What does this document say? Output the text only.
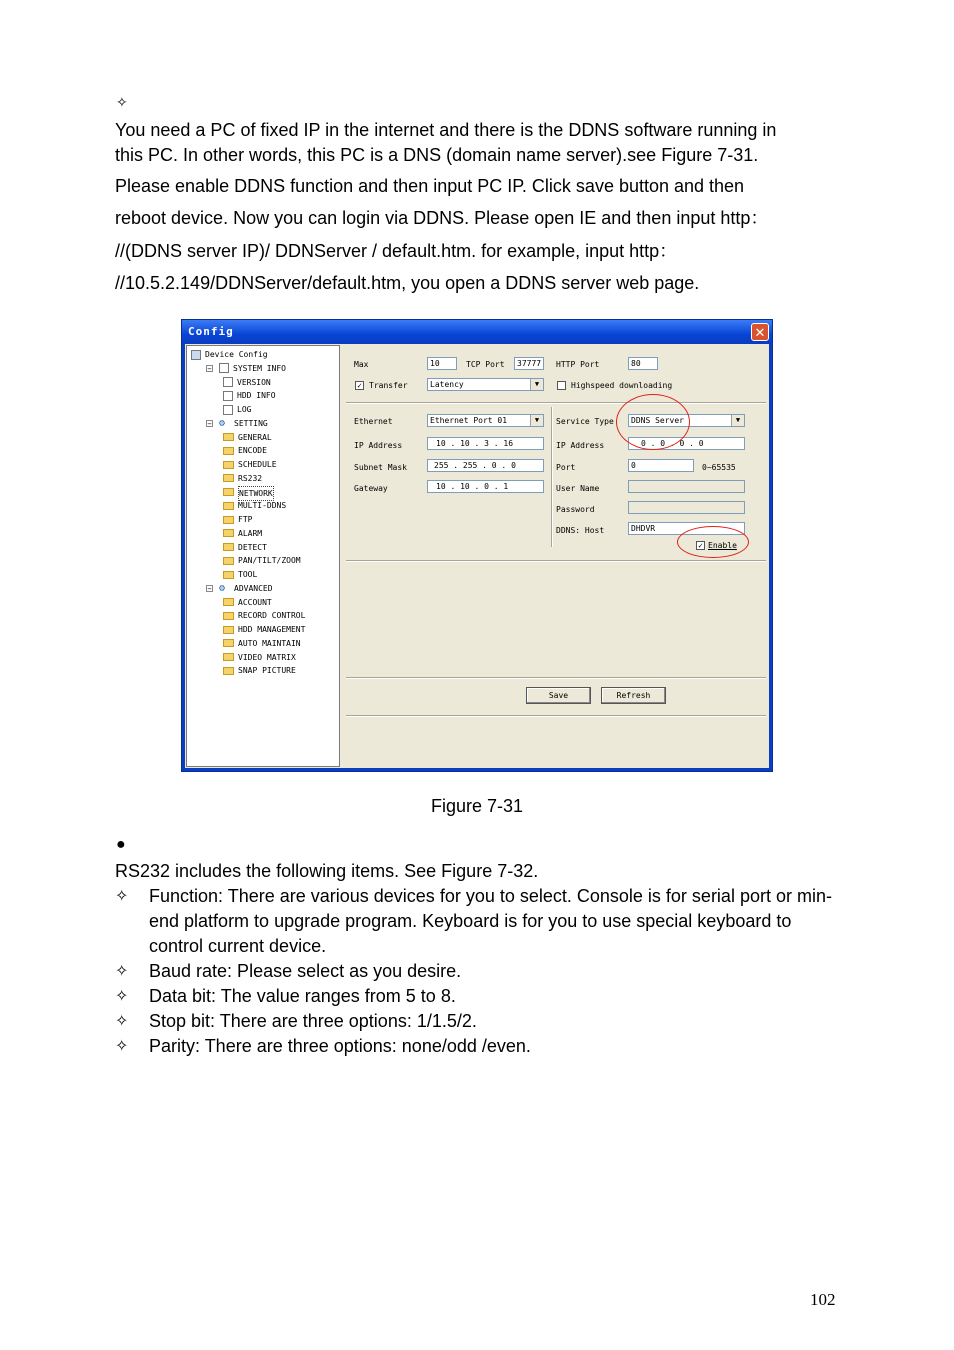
✧

You need a PC of fixed IP in the internet and there is the DDNS software running in

this PC. In other words, this PC is a DNS (domain name server).see Figure 7-31.

Please enable DDNS function and then input PC IP. Click save button and then

reboot device. Now you can login via DDNS. Please open IE and then input http：

//(DDNS server IP)/ DDNServer / default.htm. for example, input http：

//10.5.2.149/DDNServer/default.htm, you open a DDNS server web page.

Config	✕
Device Config
−	SYSTEM INFO
VERSION
HDD INFO
LOG
− ⚙ SETTING
GENERAL
ENCODE
SCHEDULE
RS232
NETWORK
MULTI-DDNS
FTP
ALARM
DETECT
PAN/TILT/ZOOM
TOOL
− ⚙ ADVANCED
ACCOUNT
RECORD CONTROL
HDD MANAGEMENT
AUTO MAINTAIN
VIDEO MATRIX
SNAP PICTURE
Max	10	TCP Port	37777	HTTP Port	80
✓ Transfer	Latency	▼	Highspeed downloading
Ethernet	Ethernet Port 01	▼
IP Address	10 . 10 . 3 . 16
Subnet Mask	255 . 255 . 0 . 0
Gateway	10 . 10 . 0 . 1
Service Type	DDNS Server	▼
IP Address	0 . 0 . 0 . 0
Port	0	0~65535
User Name
Password
DDNS: Host	DHDVR
✓ Enable
Save	Refresh
Figure 7-31
●

RS232 includes the following items. See Figure 7-32.

✧ Function: There are various devices for you to select. Console is for serial port or min-end platform to upgrade program. Keyboard is for you to use special keyboard to control current device.
✧ Baud rate: Please select as you desire.
✧ Data bit: The value ranges from 5 to 8.
✧ Stop bit: There are three options: 1/1.5/2.
✧ Parity: There are three options: none/odd /even.
102
